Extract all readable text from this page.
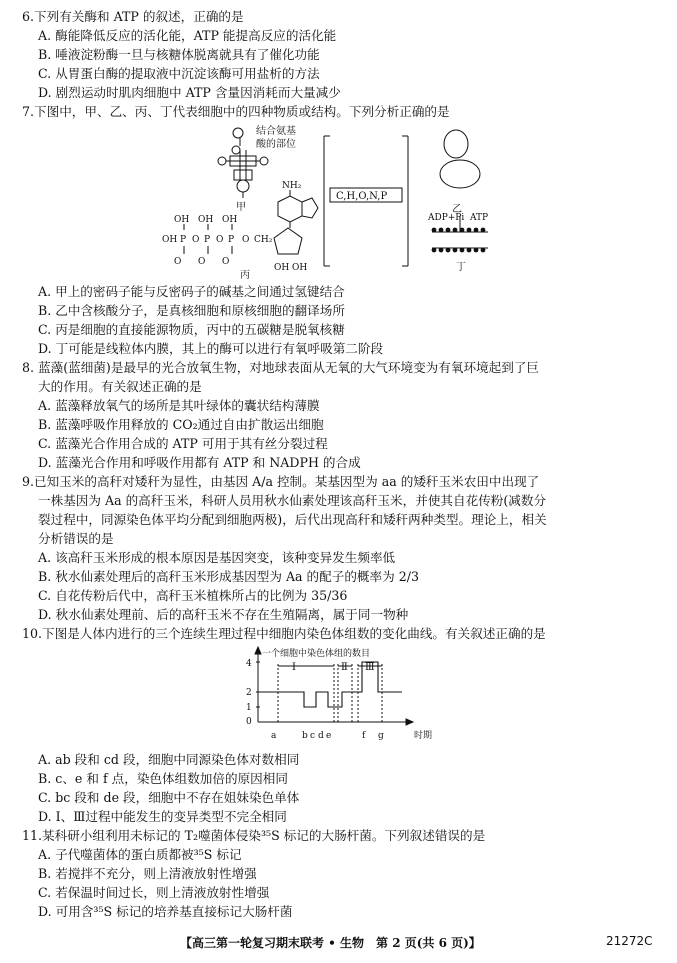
6.下列有关酶和 ATP 的叙述，正确的是
A. 酶能降低反应的活化能，ATP 能提高反应的活化能
B. 唾液淀粉酶一旦与核糖体脱离就具有了催化功能
C. 从胃蛋白酶的提取液中沉淀该酶可用盐析的方法
D. 剧烈运动时肌肉细胞中 ATP 含量因消耗而大量减少
7.下图中，甲、乙、丙、丁代表细胞中的四种物质或结构。下列分析正确的是
结合氨基
酸的部位
甲
OH OH OH
OH P O P O P O CH₂
O O O
NH₂
OH OH
丙
C,H,O,N,P
乙
ADP+Pi ATP
丁
A. 甲上的密码子能与反密码子的碱基之间通过氢键结合
B. 乙中含核酸分子，是真核细胞和原核细胞的翻译场所
C. 丙是细胞的直接能源物质，丙中的五碳糖是脱氧核糖
D. 丁可能是线粒体内膜，其上的酶可以进行有氧呼吸第二阶段
8. 蓝藻(蓝细菌)是最早的光合放氧生物，对地球表面从无氧的大气环境变为有氧环境起到了巨
大的作用。有关叙述正确的是
A. 蓝藻释放氧气的场所是其叶绿体的囊状结构薄膜
B. 蓝藻呼吸作用释放的 CO₂通过自由扩散运出细胞
C. 蓝藻光合作用合成的 ATP 可用于其有丝分裂过程
D. 蓝藻光合作用和呼吸作用都有 ATP 和 NADPH 的合成
9.已知玉米的高秆对矮秆为显性，由基因 A/a 控制。某基因型为 aa 的矮秆玉米农田中出现了
一株基因为 Aa 的高秆玉米，科研人员用秋水仙素处理该高秆玉米，并使其自花传粉(减数分
裂过程中，同源染色体平均分配到细胞两极)，后代出现高秆和矮秆两种类型。理论上，相关
分析错误的是
A. 该高秆玉米形成的根本原因是基因突变，该种变异发生频率低
B. 秋水仙素处理后的高秆玉米形成基因型为 Aa 的配子的概率为 2/3
C. 自花传粉后代中，高秆玉米植株所占的比例为 35/36
D. 秋水仙素处理前、后的高秆玉米不存在生殖隔离，属于同一物种
10.下图是人体内进行的三个连续生理过程中细胞内染色体组数的变化曲线。有关叙述正确的是
一个细胞中染色体组的数目
时期
4
2
1
0
a	b c d e	f g
Ⅰ	Ⅱ Ⅲ
A. ab 段和 cd 段，细胞中同源染色体对数相同
B. c、e 和 f 点，染色体组数加倍的原因相同
C. bc 段和 de 段，细胞中不存在姐妹染色单体
D. Ⅰ、Ⅲ过程中能发生的变异类型不完全相同
11.某科研小组利用未标记的 T₂噬菌体侵染³⁵S 标记的大肠杆菌。下列叙述错误的是
A. 子代噬菌体的蛋白质都被³⁵S 标记
B. 若搅拌不充分，则上清液放射性增强
C. 若保温时间过长，则上清液放射性增强
D. 可用含³⁵S 标记的培养基直接标记大肠杆菌
【高三第一轮复习期末联考 • 生物　第 2 页(共 6 页)】	21272C
